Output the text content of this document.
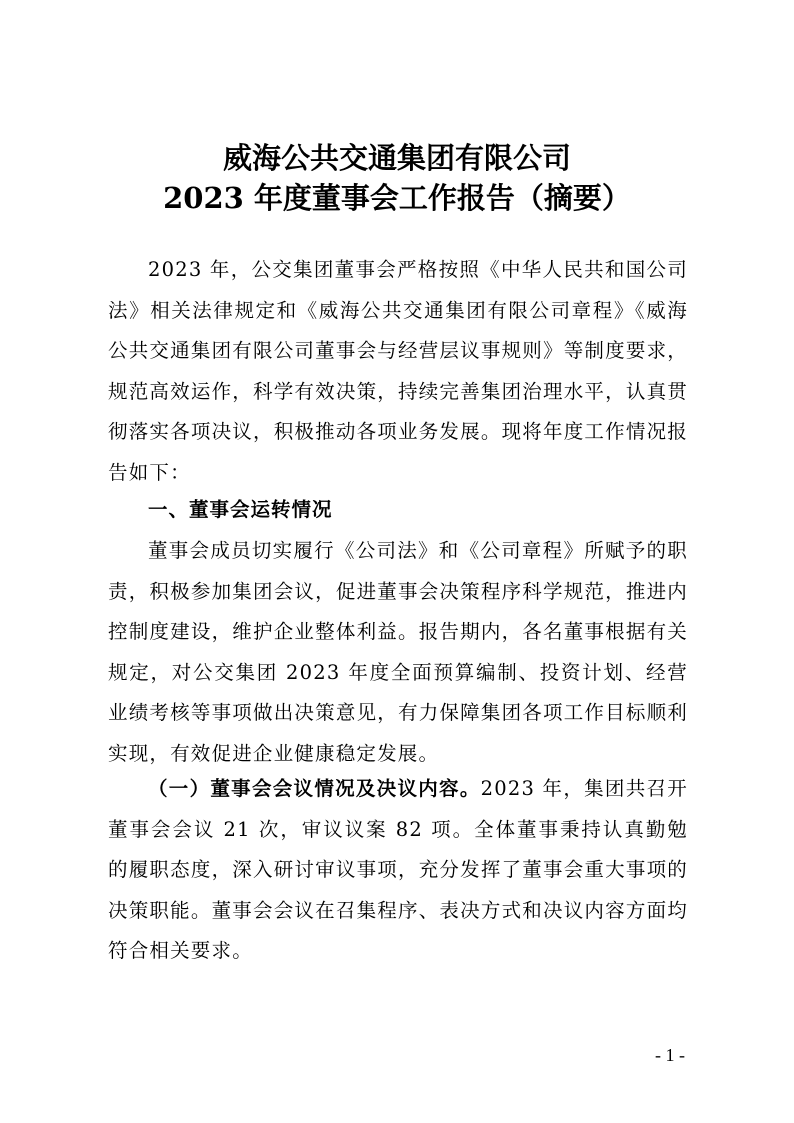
威海公共交通集团有限公司
2023 年度董事会工作报告（摘要）

2023 年，公交集团董事会严格按照《中华人民共和国公司法》相关法律规定和《威海公共交通集团有限公司章程》《威海公共交通集团有限公司董事会与经营层议事规则》等制度要求，规范高效运作，科学有效决策，持续完善集团治理水平，认真贯彻落实各项决议，积极推动各项业务发展。现将年度工作情况报告如下：

一、董事会运转情况

董事会成员切实履行《公司法》和《公司章程》所赋予的职责，积极参加集团会议，促进董事会决策程序科学规范，推进内控制度建设，维护企业整体利益。报告期内，各名董事根据有关规定，对公交集团 2023 年度全面预算编制、投资计划、经营业绩考核等事项做出决策意见，有力保障集团各项工作目标顺利实现，有效促进企业健康稳定发展。

（一）董事会会议情况及决议内容。2023 年，集团共召开董事会会议 21 次，审议议案 82 项。全体董事秉持认真勤勉的履职态度，深入研讨审议事项，充分发挥了董事会重大事项的决策职能。董事会会议在召集程序、表决方式和决议内容方面均符合相关要求。

- 1 -
